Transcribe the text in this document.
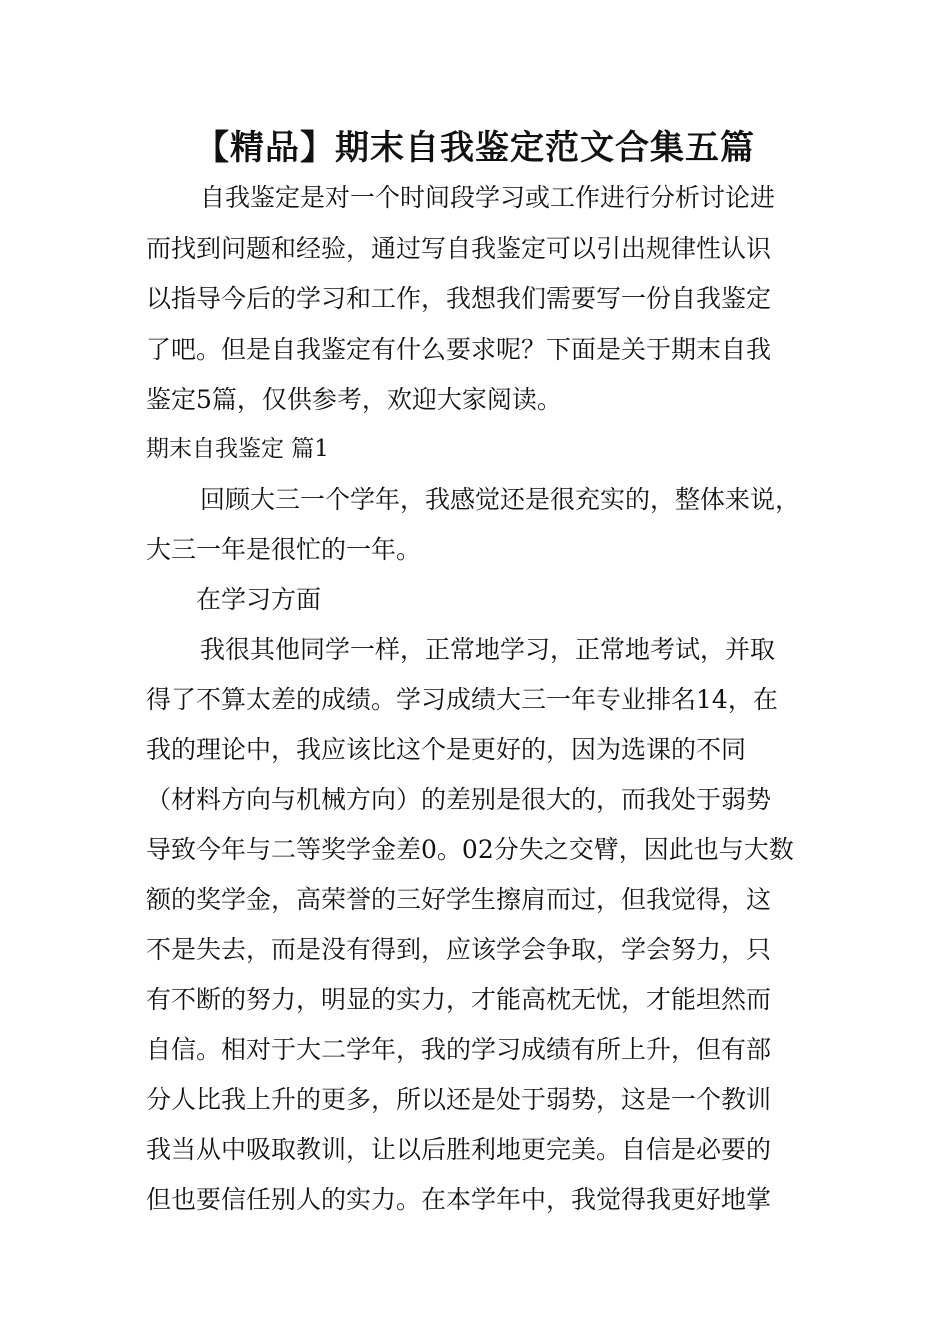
【精品】期末自我鉴定范文合集五篇

自我鉴定是对一个时间段学习或工作进行分析讨论进

而找到问题和经验，通过写自我鉴定可以引出规律性认识

以指导今后的学习和工作，我想我们需要写一份自我鉴定

了吧。但是自我鉴定有什么要求呢？下面是关于期末自我

鉴定5篇，仅供参考，欢迎大家阅读。

期末自我鉴定 篇1

回顾大三一个学年，我感觉还是很充实的，整体来说，

大三一年是很忙的一年。

在学习方面

我很其他同学一样，正常地学习，正常地考试，并取

得了不算太差的成绩。学习成绩大三一年专业排名14，在

我的理论中，我应该比这个是更好的，因为选课的不同

（材料方向与机械方向）的差别是很大的，而我处于弱势

导致今年与二等奖学金差0。02分失之交臂，因此也与大数

额的奖学金，高荣誉的三好学生擦肩而过，但我觉得，这

不是失去，而是没有得到，应该学会争取，学会努力，只

有不断的努力，明显的实力，才能高枕无忧，才能坦然而

自信。相对于大二学年，我的学习成绩有所上升，但有部

分人比我上升的更多，所以还是处于弱势，这是一个教训

我当从中吸取教训，让以后胜利地更完美。自信是必要的

但也要信任别人的实力。在本学年中，我觉得我更好地掌
